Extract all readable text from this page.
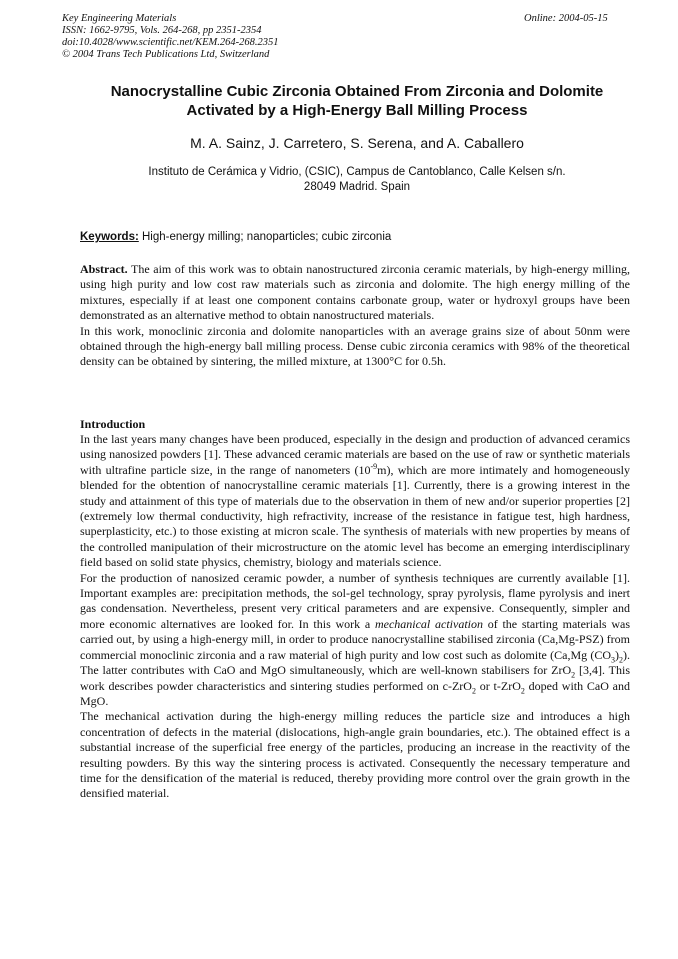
Key Engineering Materials
ISSN: 1662-9795, Vols. 264-268, pp 2351-2354
doi:10.4028/www.scientific.net/KEM.264-268.2351
© 2004 Trans Tech Publications Ltd, Switzerland
Online: 2004-05-15
Nanocrystalline Cubic Zirconia Obtained From Zirconia and Dolomite
Activated by a High-Energy Ball Milling Process
M. A. Sainz, J. Carretero, S. Serena, and A. Caballero
Instituto de Cerámica y Vidrio, (CSIC), Campus de Cantoblanco, Calle Kelsen s/n.
28049 Madrid. Spain
Keywords: High-energy milling; nanoparticles; cubic zirconia

Abstract. The aim of this work was to obtain nanostructured zirconia ceramic materials, by high-energy milling, using high purity and low cost raw materials such as zirconia and dolomite. The high energy milling of the mixtures, especially if at least one component contains carbonate group, water or hydroxyl groups have been demonstrated as an alternative method to obtain nanostructured materials.

In this work, monoclinic zirconia and dolomite nanoparticles with an average grains size of about 50nm were obtained through the high-energy ball milling process. Dense cubic zirconia ceramics with 98% of the theoretical density can be obtained by sintering, the milled mixture, at 1300°C for 0.5h.

Introduction

In the last years many changes have been produced, especially in the design and production of advanced ceramics using nanosized powders [1]. These advanced ceramic materials are based on the use of raw or synthetic materials with ultrafine particle size, in the range of nanometers $(10^{-9}m)$, which are more intimately and homogeneously blended for the obtention of nanocrystalline ceramic materials [1]. Currently, there is a growing interest in the study and attainment of this type of materials due to the observation in them of new and/or superior properties [2] (extremely low thermal conductivity, high refractivity, increase of the resistance in fatigue test, high hardness, superplasticity, etc.) to those existing at micron scale. The synthesis of materials with new properties by means of the controlled manipulation of their microstructure on the atomic level has become an emerging interdisciplinary field based on solid state physics, chemistry, biology and materials science.

For the production of nanosized ceramic powder, a number of synthesis techniques are currently available [1]. Important examples are: precipitation methods, the sol-gel technology, spray pyrolysis, flame pyrolysis and inert gas condensation. Nevertheless, present very critical parameters and are expensive. Consequently, simpler and more economic alternatives are looked for. In this work a mechanical activation of the starting materials was carried out, by using a high-energy mill, in order to produce nanocrystalline stabilised zirconia (Ca,Mg-PSZ) from commercial monoclinic zirconia and a raw material of high purity and low cost such as dolomite (Ca,Mg $(CO_3)_2$). The latter contributes with CaO and MgO simultaneously, which are well-known stabilisers for ZrO$_2$ [3,4]. This work describes powder characteristics and sintering studies performed on c-ZrO$_2$ or t-ZrO$_2$ doped with CaO and MgO.

The mechanical activation during the high-energy milling reduces the particle size and introduces a high concentration of defects in the material (dislocations, high-angle grain boundaries, etc.). The obtained effect is a substantial increase of the superficial free energy of the particles, producing an increase in the reactivity of the resulting powders. By this way the sintering process is activated. Consequently the necessary temperature and time for the densification of the material is reduced, thereby providing more control over the grain growth in the densified material.
